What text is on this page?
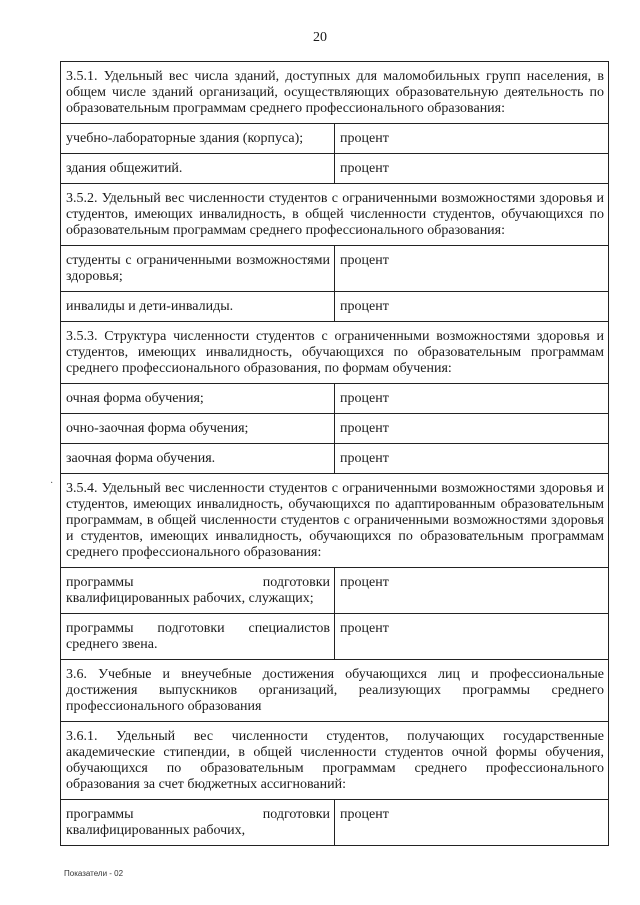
20
3.5.1. Удельный вес числа зданий, доступных для маломобильных групп населения, в общем числе зданий организаций, осуществляющих образовательную деятельность по образовательным программам среднего профессионального образования:	
учебно-лабораторные здания (корпуса);	процент
здания общежитий.	процент
3.5.2. Удельный вес численности студентов с ограниченными возможностями здоровья и студентов, имеющих инвалидность, в общей численности студентов, обучающихся по образовательным программам среднего профессионального образования:	
студенты с ограниченными возможностями здоровья;	процент
инвалиды и дети-инвалиды.	процент
3.5.3. Структура численности студентов с ограниченными возможностями здоровья и студентов, имеющих инвалидность, обучающихся по образовательным программам среднего профессионального образования, по формам обучения:	
очная форма обучения;	процент
очно-заочная форма обучения;	процент
заочная форма обучения.	процент
3.5.4. Удельный вес численности студентов с ограниченными возможностями здоровья и студентов, имеющих инвалидность, обучающихся по адаптированным образовательным программам, в общей численности студентов с ограниченными возможностями здоровья и студентов, имеющих инвалидность, обучающихся по образовательным программам среднего профессионального образования:	
программы подготовки квалифицированных рабочих, служащих;	процент
программы подготовки специалистов среднего звена.	процент
3.6. Учебные и внеучебные достижения обучающихся лиц и профессиональные достижения выпускников организаций, реализующих программы среднего профессионального образования	
3.6.1. Удельный вес численности студентов, получающих государственные академические стипендии, в общей численности студентов очной формы обучения, обучающихся по образовательным программам среднего профессионального образования за счет бюджетных ассигнований:	
программы подготовки квалифицированных рабочих,	процент
·
Показатели - 02
